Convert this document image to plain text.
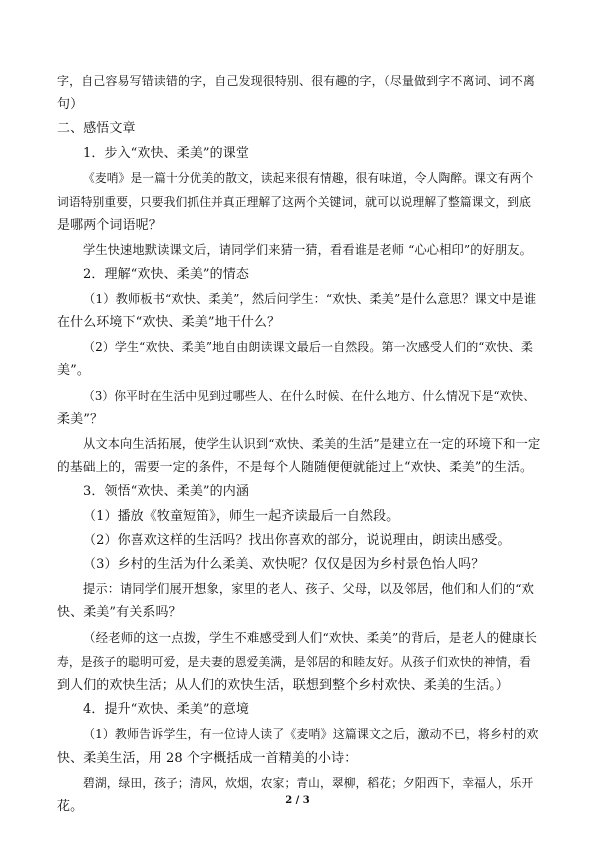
字，自己容易写错读错的字，自己发现很特别、很有趣的字，（尽量做到字不离词、词不离
句）
二、感悟文章
1．步入“欢快、柔美”的课堂
《麦哨》是一篇十分优美的散文，读起来很有情趣，很有味道，令人陶醉。课文有两个
词语特别重要，只要我们抓住并真正理解了这两个关键词，就可以说理解了整篇课文，到底
是哪两个词语呢？
学生快速地默读课文后，请同学们来猜一猜，看看谁是老师 “心心相印”的好朋友。
2．理解“欢快、柔美”的情态
（1）教师板书“欢快、柔美”，然后问学生：“欢快、柔美”是什么意思？课文中是谁
在什么环境下“欢快、柔美”地干什么？
（2）学生“欢快、柔美”地自由朗读课文最后一自然段。第一次感受人们的“欢快、柔
美”。
（3）你平时在生活中见到过哪些人、在什么时候、在什么地方、什么情况下是“欢快、
柔美”？
从文本向生活拓展，使学生认识到“欢快、柔美的生活”是建立在一定的环境下和一定
的基础上的，需要一定的条件，不是每个人随随便便就能过上“欢快、柔美”的生活。
3．领悟“欢快、柔美”的内涵
（1）播放《牧童短笛》，师生一起齐读最后一自然段。
（2）你喜欢这样的生活吗？找出你喜欢的部分，说说理由，朗读出感受。
（3）乡村的生活为什么柔美、欢快呢？仅仅是因为乡村景色怡人吗？
提示：请同学们展开想象，家里的老人、孩子、父母，以及邻居，他们和人们的“欢
快、柔美”有关系吗？
（经老师的这一点拨，学生不难感受到人们“欢快、柔美”的背后，是老人的健康长
寿，是孩子的聪明可爱，是夫妻的恩爱美满，是邻居的和睦友好。从孩子们欢快的神情，看
到人们的欢快生活；从人们的欢快生活，联想到整个乡村欢快、柔美的生活。）
4．提升“欢快、柔美”的意境
（1）教师告诉学生，有一位诗人读了《麦哨》这篇课文之后，激动不已，将乡村的欢
快、柔美生活，用 28 个字概括成一首精美的小诗：
碧湖，绿田，孩子；清风，炊烟，农家；青山，翠柳，稻花；夕阳西下，幸福人，乐开
花。	2 / 3
